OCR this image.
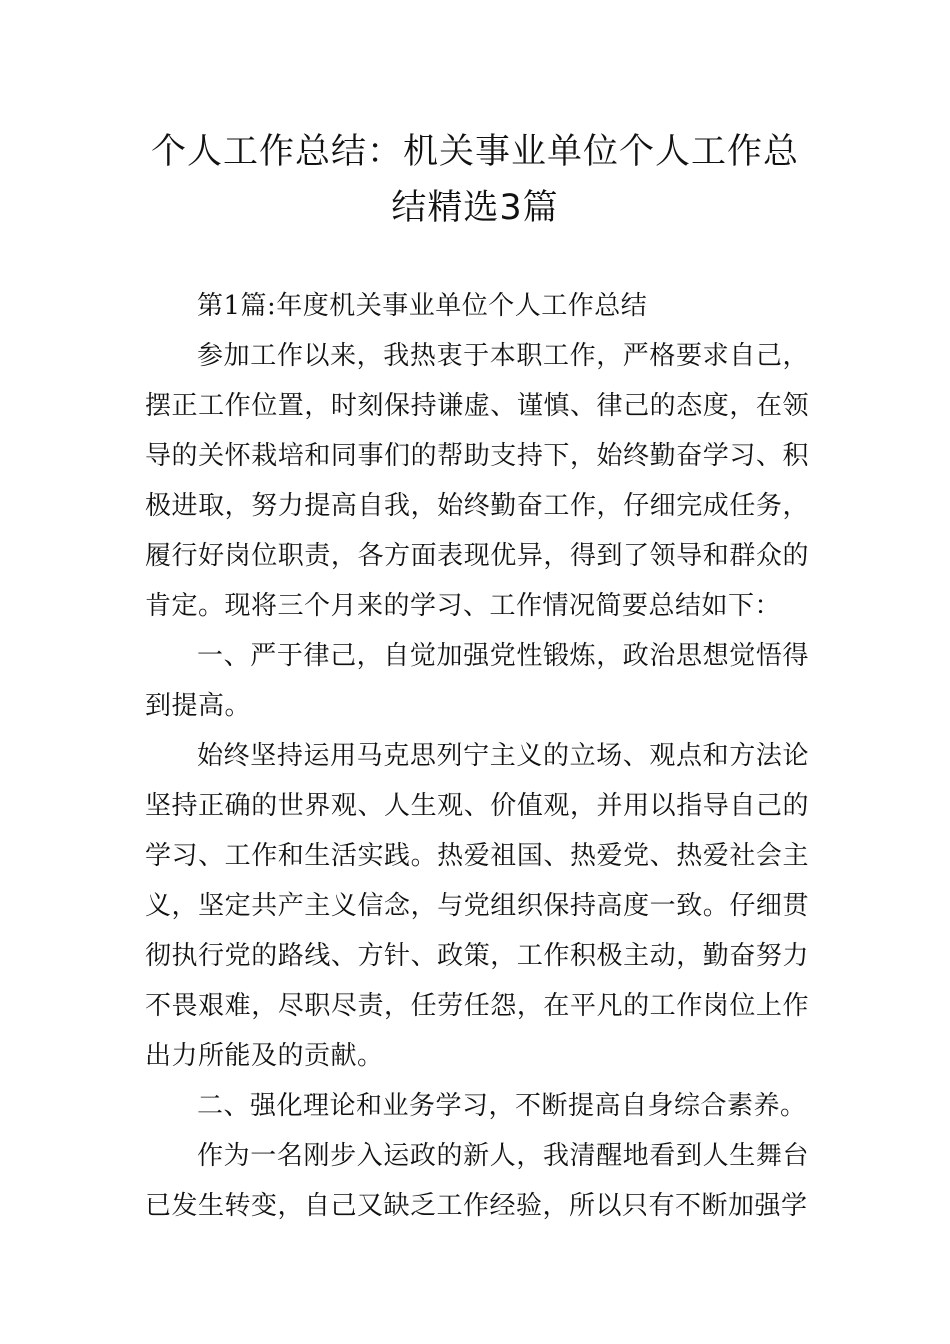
个人工作总结：机关事业单位个人工作总
结精选3篇

第1篇:年度机关事业单位个人工作总结

参加工作以来，我热衷于本职工作，严格要求自己，摆正工作位置，时刻保持谦虚、谨慎、律己的态度，在领导的关怀栽培和同事们的帮助支持下，始终勤奋学习、积极进取，努力提高自我，始终勤奋工作，仔细完成任务，履行好岗位职责，各方面表现优异，得到了领导和群众的肯定。现将三个月来的学习、工作情况简要总结如下：

一、严于律己，自觉加强党性锻炼，政治思想觉悟得到提高。

始终坚持运用马克思列宁主义的立场、观点和方法论坚持正确的世界观、人生观、价值观，并用以指导自己的学习、工作和生活实践。热爱祖国、热爱党、热爱社会主义，坚定共产主义信念，与党组织保持高度一致。仔细贯彻执行党的路线、方针、政策，工作积极主动，勤奋努力不畏艰难，尽职尽责，任劳任怨，在平凡的工作岗位上作出力所能及的贡献。

二、强化理论和业务学习，不断提高自身综合素养。

作为一名刚步入运政的新人，我清醒地看到人生舞台已发生转变，自己又缺乏工作经验，所以只有不断加强学
